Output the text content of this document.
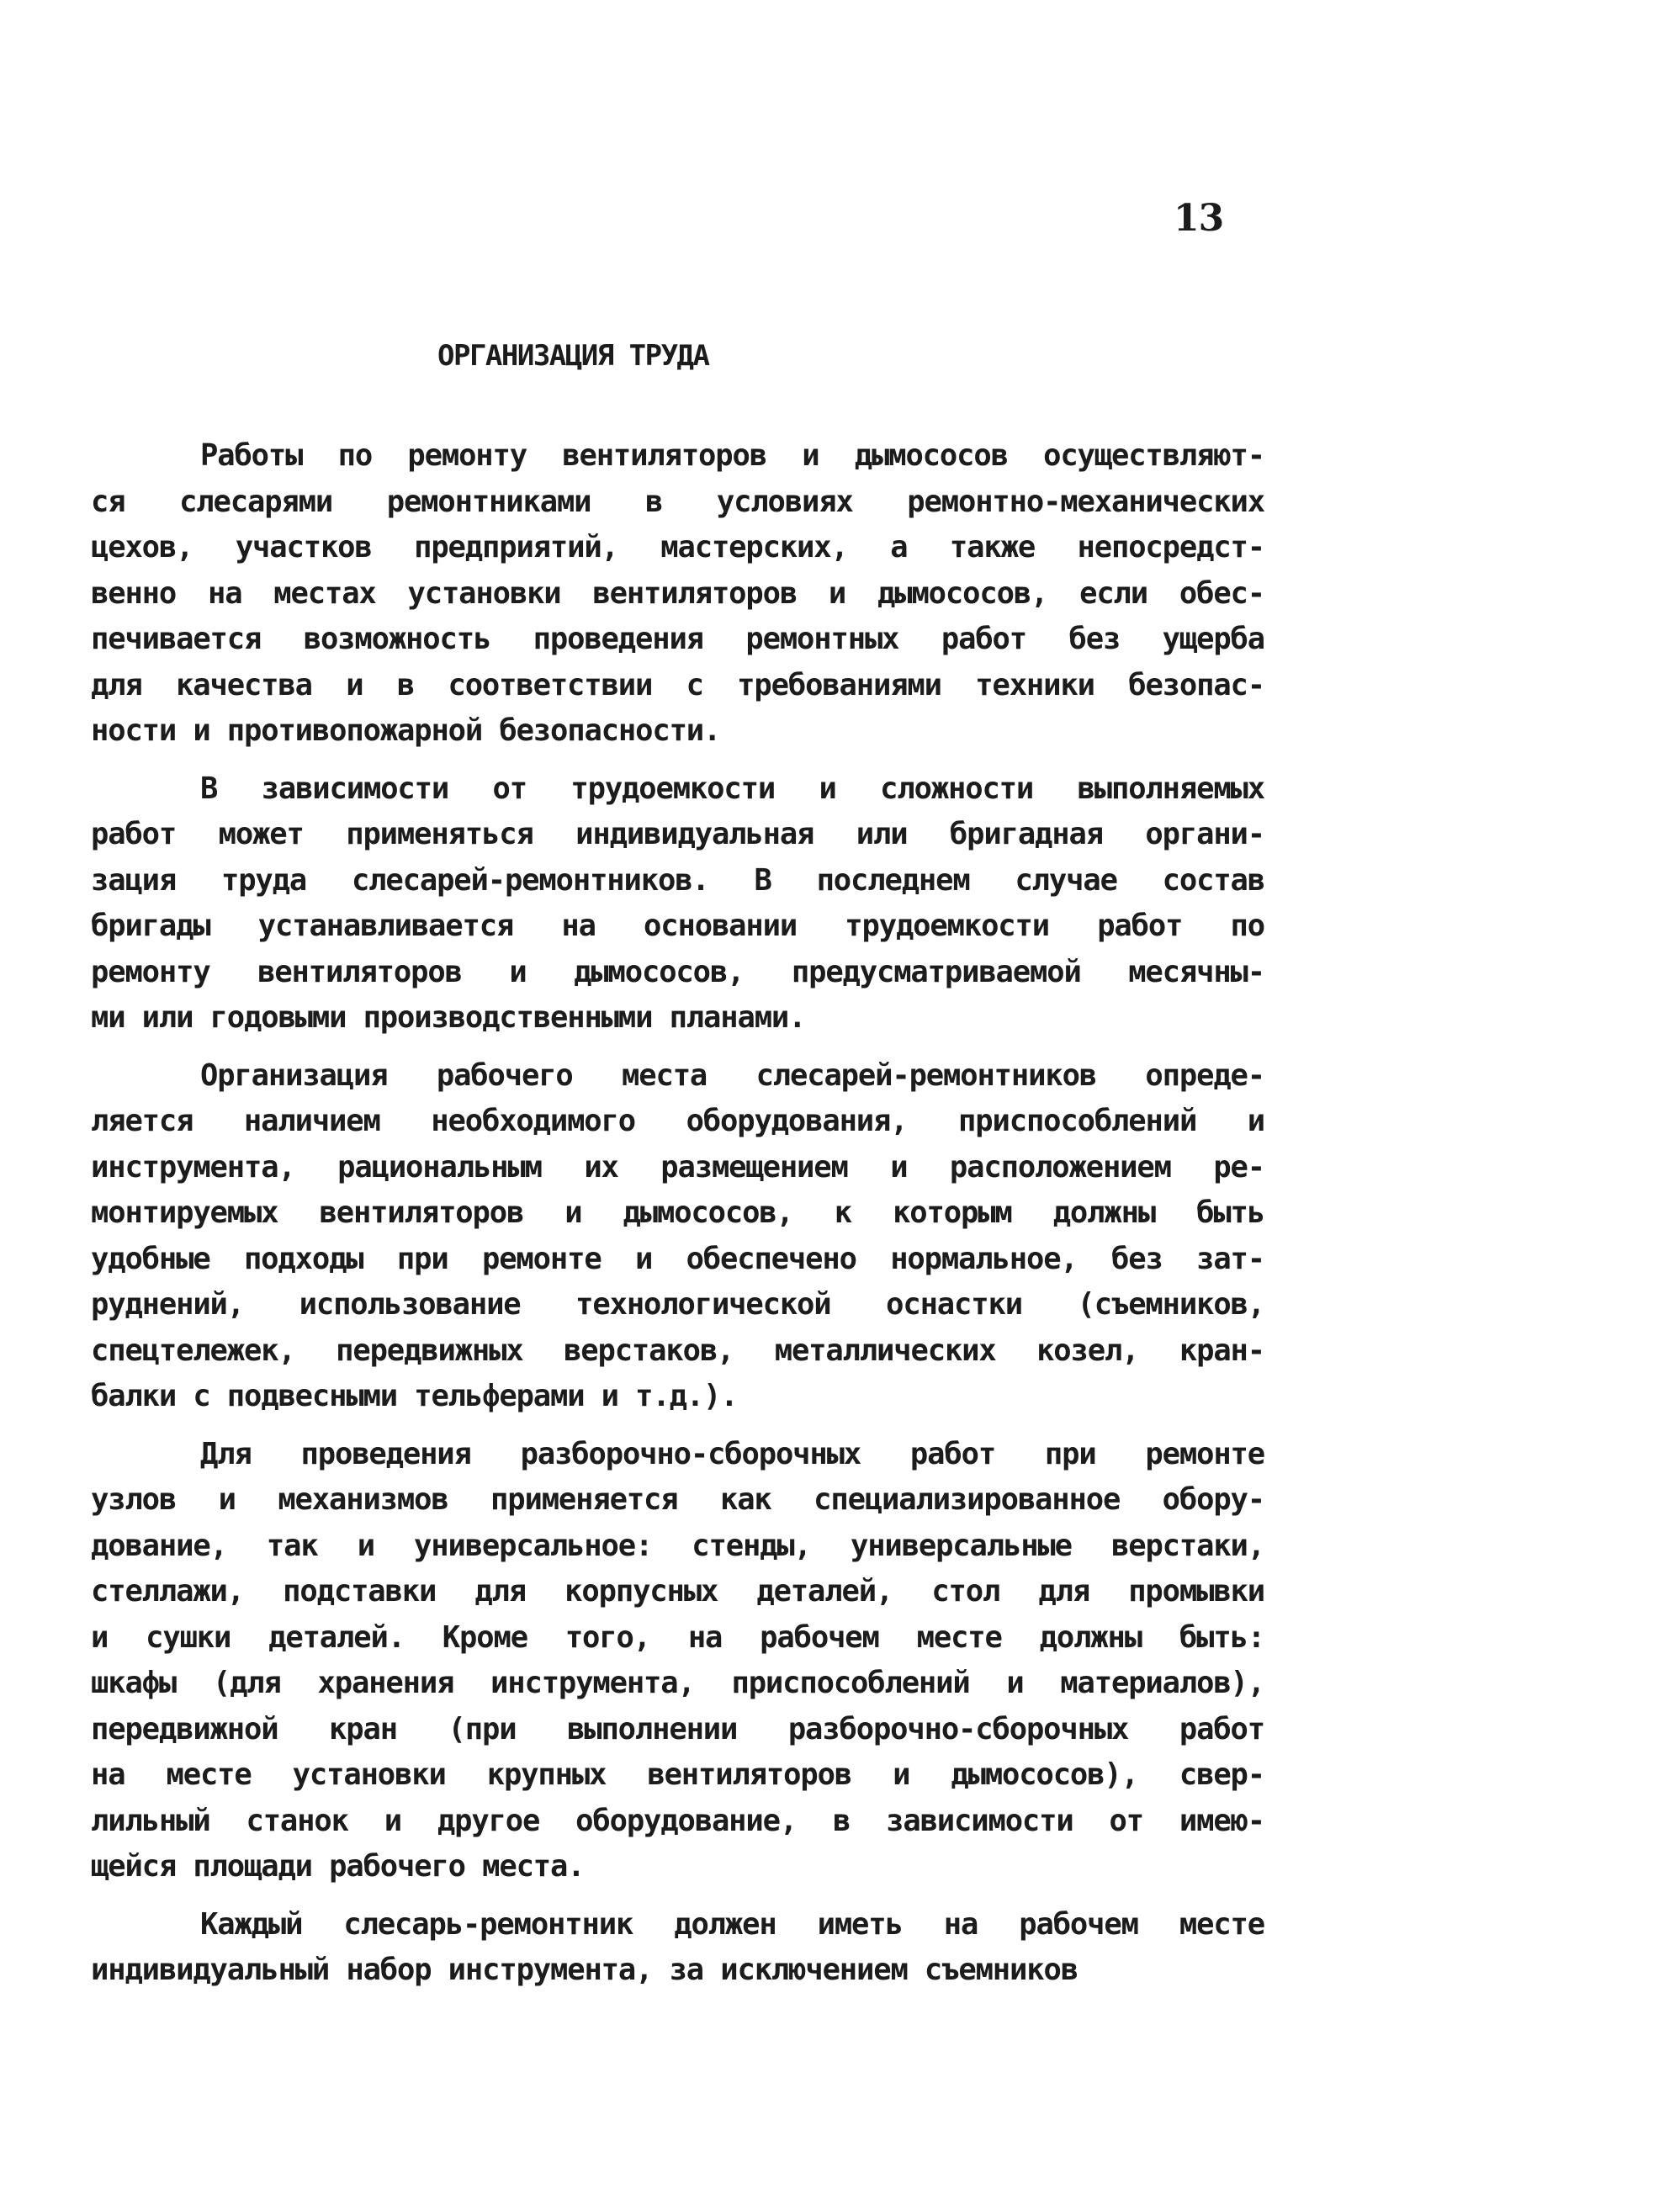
13
ОРГАНИЗАЦИЯ ТРУДА
Работы по ремонту вентиляторов и дымососов осуществляют-
ся слесарями ремонтниками в условиях ремонтно-механических
цехов, участков предприятий, мастерских, а также непосредст-
венно на местах установки вентиляторов и дымососов, если обес-
печивается возможность проведения ремонтных работ без ущерба
для качества и в соответствии с требованиями техники безопас-
ности и противопожарной безопасности.
В зависимости от трудоемкости и сложности выполняемых
работ может применяться индивидуальная или бригадная органи-
зация труда слесарей-ремонтников. В последнем случае состав
бригады устанавливается на основании трудоемкости работ по
ремонту вентиляторов и дымососов, предусматриваемой месячны-
ми или годовыми производственными планами.
Организация рабочего места слесарей-ремонтников опреде-
ляется наличием необходимого оборудования, приспособлений и
инструмента, рациональным их размещением и расположением ре-
монтируемых вентиляторов и дымососов, к которым должны быть
удобные подходы при ремонте и обеспечено нормальное, без зат-
руднений, использование технологической оснастки (съемников,
спецтележек, передвижных верстаков, металлических козел, кран-
балки с подвесными тельферами и т.д.).
Для проведения разборочно-сборочных работ при ремонте
узлов и механизмов применяется как специализированное обору-
дование, так и универсальное: стенды, универсальные верстаки,
стеллажи, подставки для корпусных деталей, стол для промывки
и сушки деталей. Кроме того, на рабочем месте должны быть:
шкафы (для хранения инструмента, приспособлений и материалов),
передвижной кран (при выполнении разборочно-сборочных работ
на месте установки крупных вентиляторов и дымососов), свер-
лильный станок и другое оборудование, в зависимости от имею-
щейся площади рабочего места.
Каждый слесарь-ремонтник должен иметь на рабочем месте
индивидуальный набор инструмента, за исключением съемников
